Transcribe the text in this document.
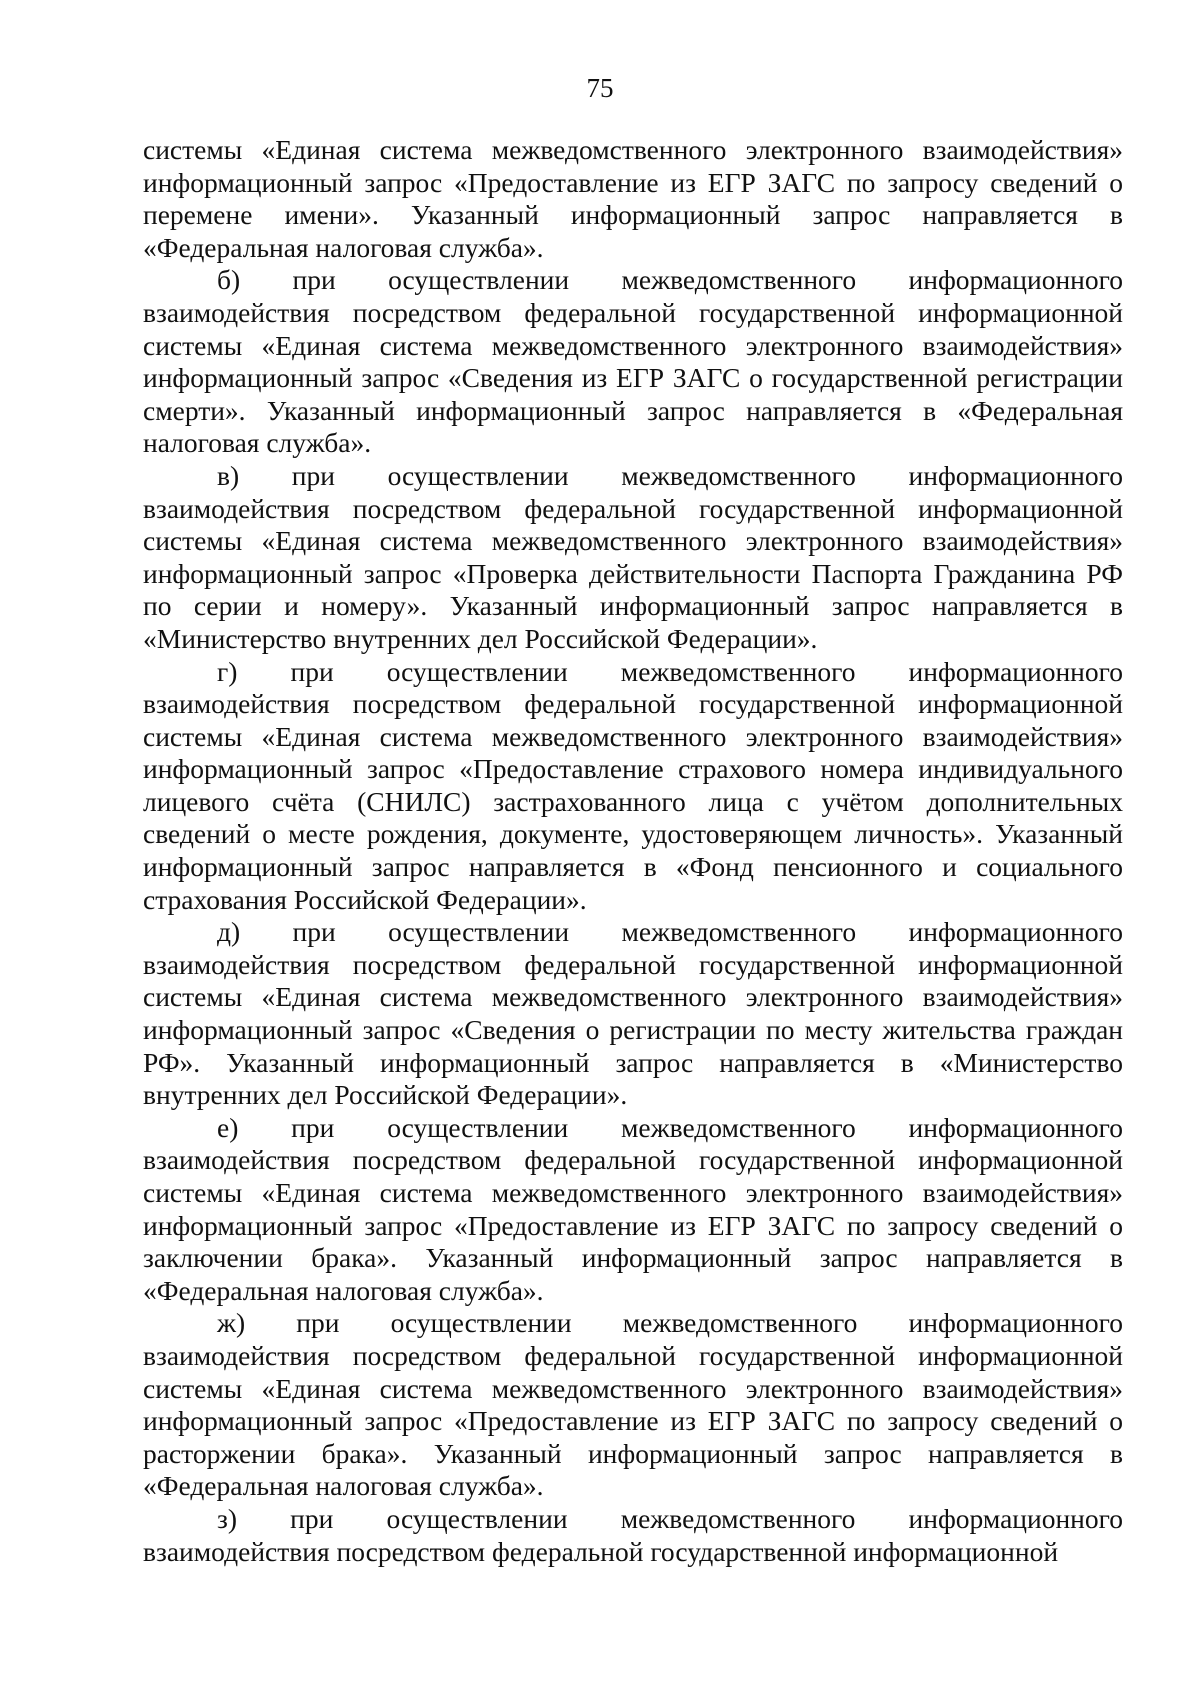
75

системы «Единая система межведомственного электронного взаимодействия» информационный запрос «Предоставление из ЕГР ЗАГС по запросу сведений о перемене имени». Указанный информационный запрос направляется в «Федеральная налоговая служба».

б) при осуществлении межведомственного информационного взаимодействия посредством федеральной государственной информационной системы «Единая система межведомственного электронного взаимодействия» информационный запрос «Сведения из ЕГР ЗАГС о государственной регистрации смерти». Указанный информационный запрос направляется в «Федеральная налоговая служба».

в) при осуществлении межведомственного информационного взаимодействия посредством федеральной государственной информационной системы «Единая система межведомственного электронного взаимодействия» информационный запрос «Проверка действительности Паспорта Гражданина РФ по серии и номеру». Указанный информационный запрос направляется в «Министерство внутренних дел Российской Федерации».

г) при осуществлении межведомственного информационного взаимодействия посредством федеральной государственной информационной системы «Единая система межведомственного электронного взаимодействия» информационный запрос «Предоставление страхового номера индивидуального лицевого счёта (СНИЛС) застрахованного лица с учётом дополнительных сведений о месте рождения, документе, удостоверяющем личность». Указанный информационный запрос направляется в «Фонд пенсионного и социального страхования Российской Федерации».

д) при осуществлении межведомственного информационного взаимодействия посредством федеральной государственной информационной системы «Единая система межведомственного электронного взаимодействия» информационный запрос «Сведения о регистрации по месту жительства граждан РФ». Указанный информационный запрос направляется в «Министерство внутренних дел Российской Федерации».

е) при осуществлении межведомственного информационного взаимодействия посредством федеральной государственной информационной системы «Единая система межведомственного электронного взаимодействия» информационный запрос «Предоставление из ЕГР ЗАГС по запросу сведений о заключении брака». Указанный информационный запрос направляется в «Федеральная налоговая служба».

ж) при осуществлении межведомственного информационного взаимодействия посредством федеральной государственной информационной системы «Единая система межведомственного электронного взаимодействия» информационный запрос «Предоставление из ЕГР ЗАГС по запросу сведений о расторжении брака». Указанный информационный запрос направляется в «Федеральная налоговая служба».

з) при осуществлении межведомственного информационного взаимодействия посредством федеральной государственной информационной
